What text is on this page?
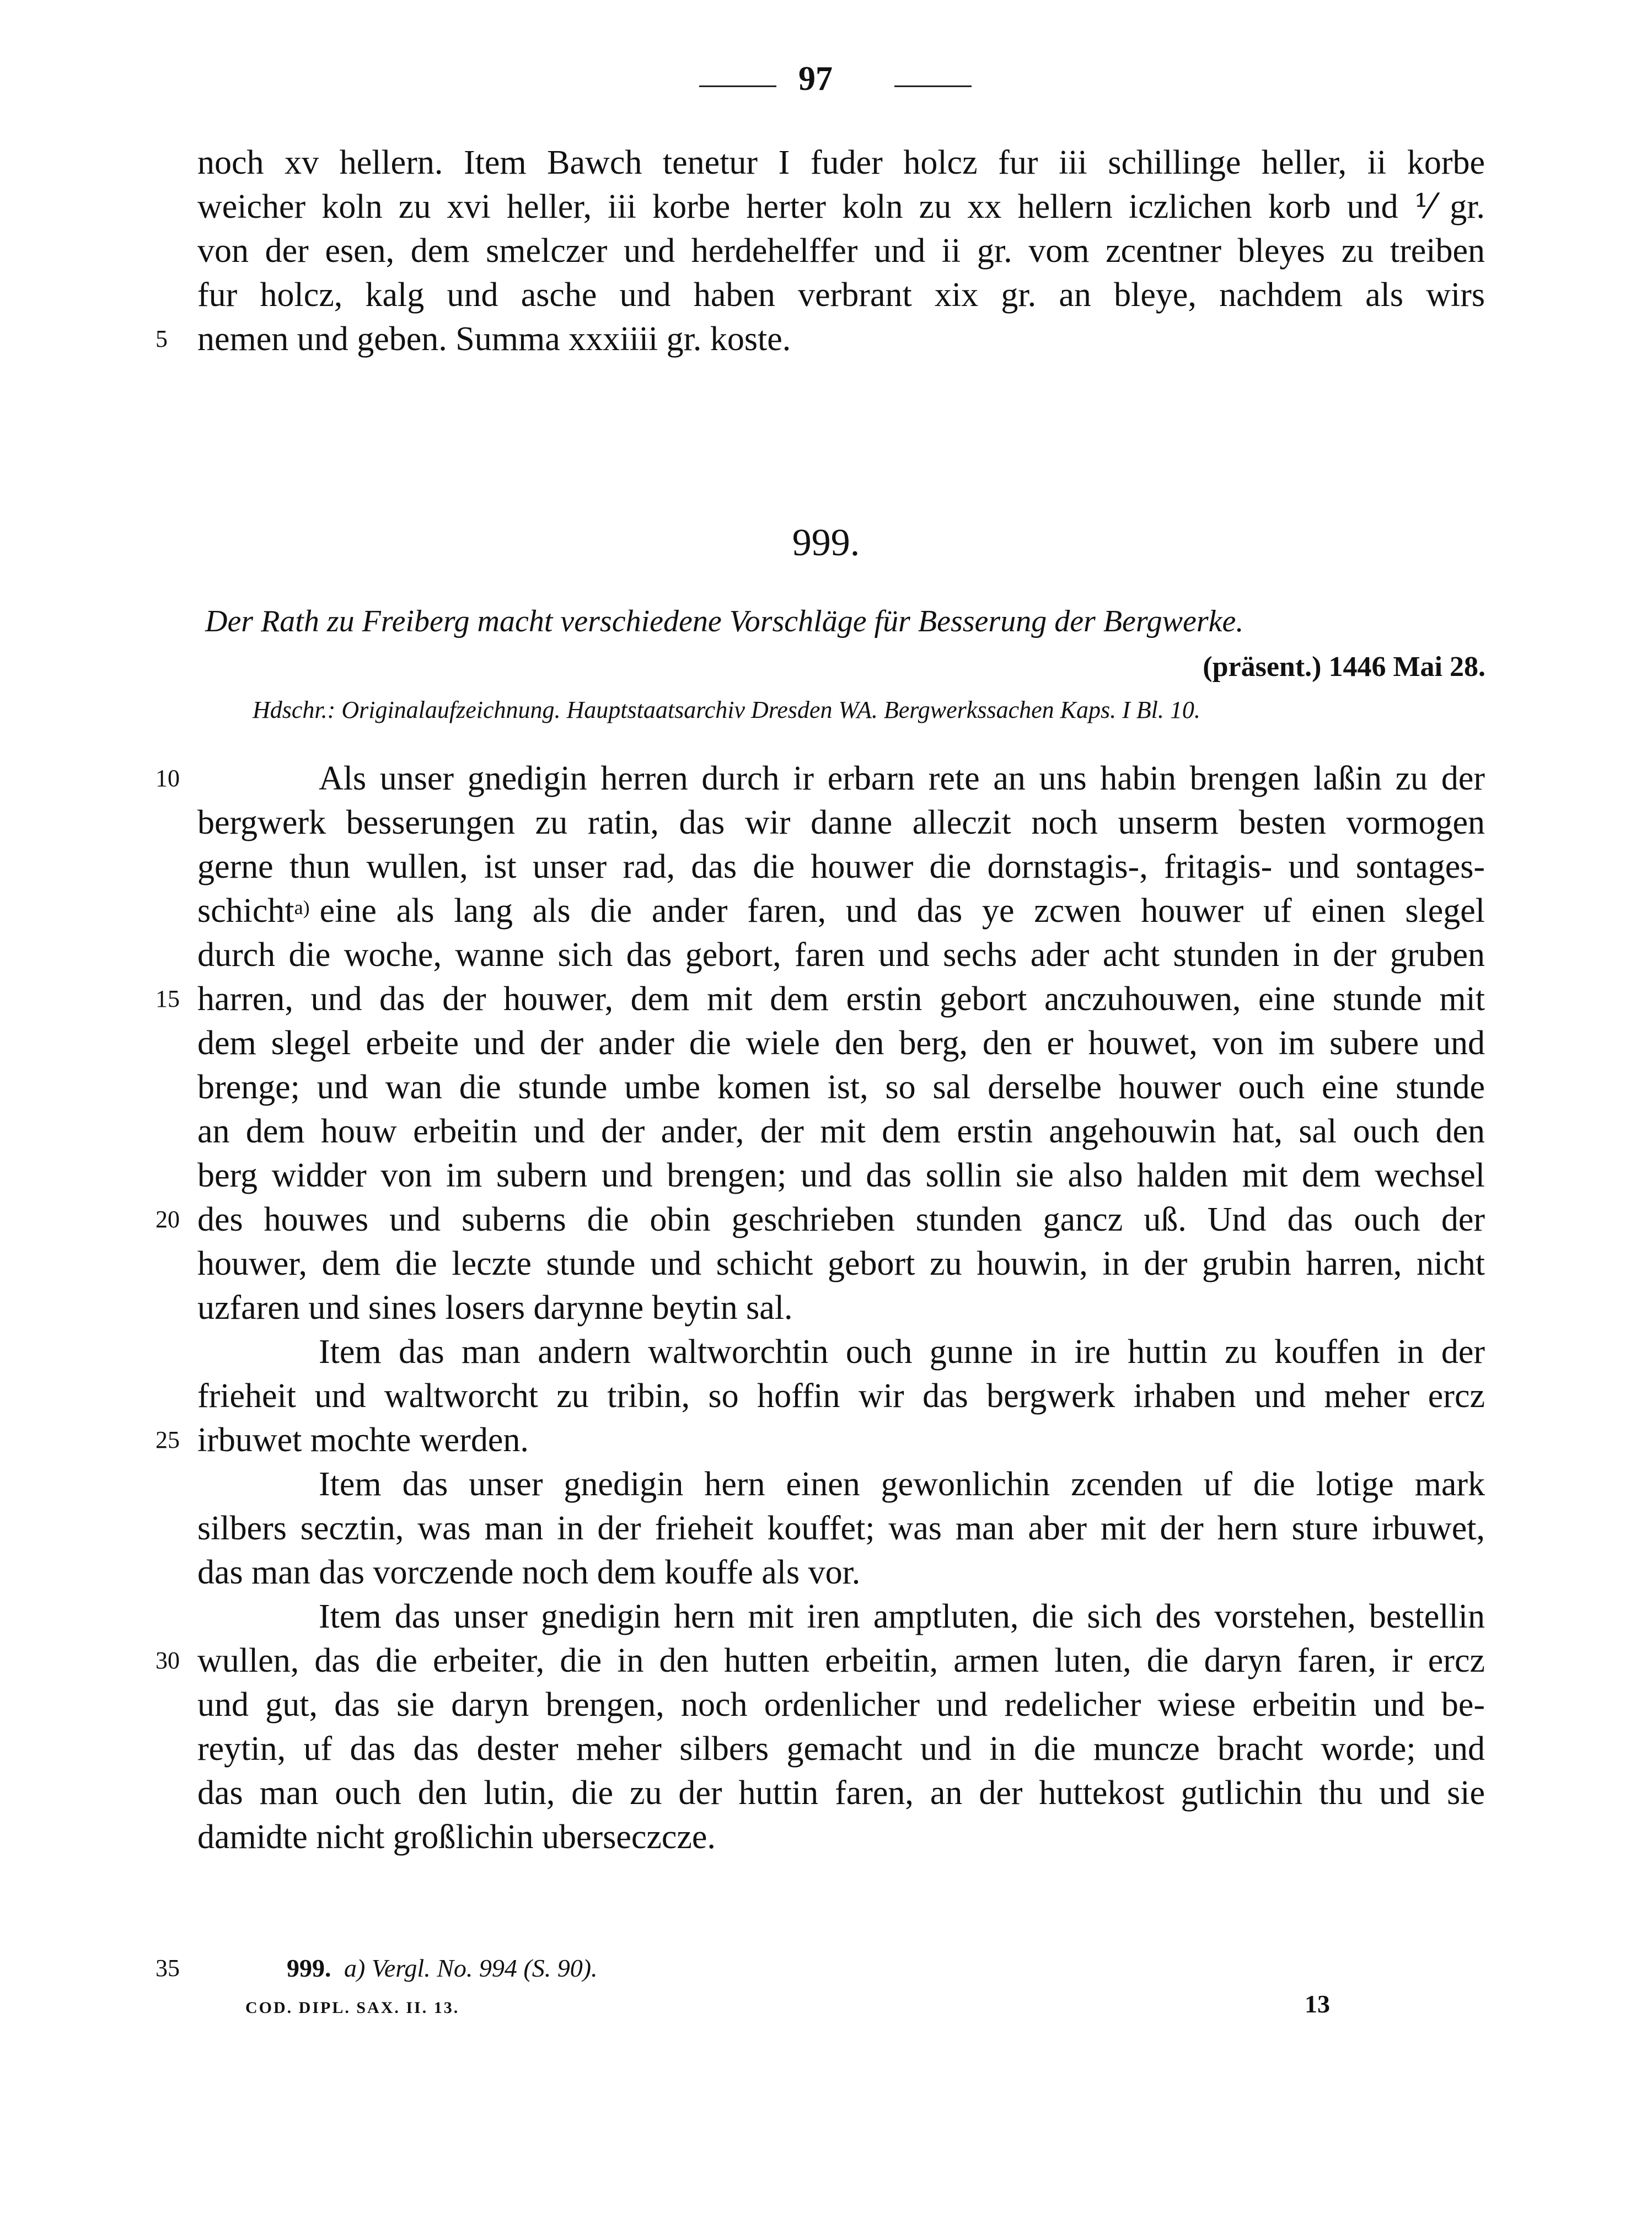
97
noch xv hellern. Item Bawch tenetur I fuder holcz fur iii schillinge heller, ii korbe
weicher koln zu xvi heller, iii korbe herter koln zu xx hellern iczlichen korb und ⅟ gr.
von der esen, dem smelczer und herdehelffer und ii gr. vom zcentner bleyes zu treiben
fur holcz, kalg und asche und haben verbrant xix gr. an bleye, nachdem als wirs
5 nemen und geben. Summa xxxiiii gr. koste.
999.
Der Rath zu Freiberg macht verschiedene Vorschläge für Besserung der Bergwerke.
(präsent.) 1446 Mai 28.
Hdschr.: Originalaufzeichnung. Hauptstaatsarchiv Dresden WA. Bergwerkssachen Kaps. I Bl. 10.
10	Als unser gnedigin herren durch ir erbarn rete an uns habin brengen laßin zu der
bergwerk besserungen zu ratin, das wir danne alleczit noch unserm besten vormogen
gerne thun wullen, ist unser rad, das die houwer die dornstagis-, fritagis- und sontages-
schicht a) eine als lang als die ander faren, und das ye zcwen houwer uf einen slegel
durch die woche, wanne sich das gebort, faren und sechs ader acht stunden in der gruben
15 harren, und das der houwer, dem mit dem erstin gebort anczuhouwen, eine stunde mit
dem slegel erbeite und der ander die wiele den berg, den er houwet, von im subere und
brenge; und wan die stunde umbe komen ist, so sal derselbe houwer ouch eine stunde
an dem houw erbeitin und der ander, der mit dem erstin angehouwin hat, sal ouch den
berg widder von im subern und brengen; und das sollin sie also halden mit dem wechsel
20 des houwes und suberns die obin geschrieben stunden gancz uß. Und das ouch der
houwer, dem die leczte stunde und schicht gebort zu houwin, in der grubin harren, nicht
uzfaren und sines losers darynne beytin sal.
Item das man andern waltworchtin ouch gunne in ire huttin zu kouffen in der
frieheit und waltworcht zu tribin, so hoffin wir das bergwerk irhaben und meher ercz
25 irbuwet mochte werden.
Item das unser gnedigin hern einen gewonlichin zcenden uf die lotige mark
silbers secztin, was man in der frieheit kouffet; was man aber mit der hern sture irbuwet,
das man das vorczende noch dem kouffe als vor.
Item das unser gnedigin hern mit iren amptluten, die sich des vorstehen, bestellin
30 wullen, das die erbeiter, die in den hutten erbeitin, armen luten, die daryn faren, ir ercz
und gut, das sie daryn brengen, noch ordenlicher und redelicher wiese erbeitin und be-
reytin, uf das das dester meher silbers gemacht und in die muncze bracht worde; und
das man ouch den lutin, die zu der huttin faren, an der huttekost gutlichin thu und sie
damidte nicht großlichin uberseczcze.
35	999. a) Vergl. No. 994 (S. 90).
COD. DIPL. SAX. II. 13.	13
